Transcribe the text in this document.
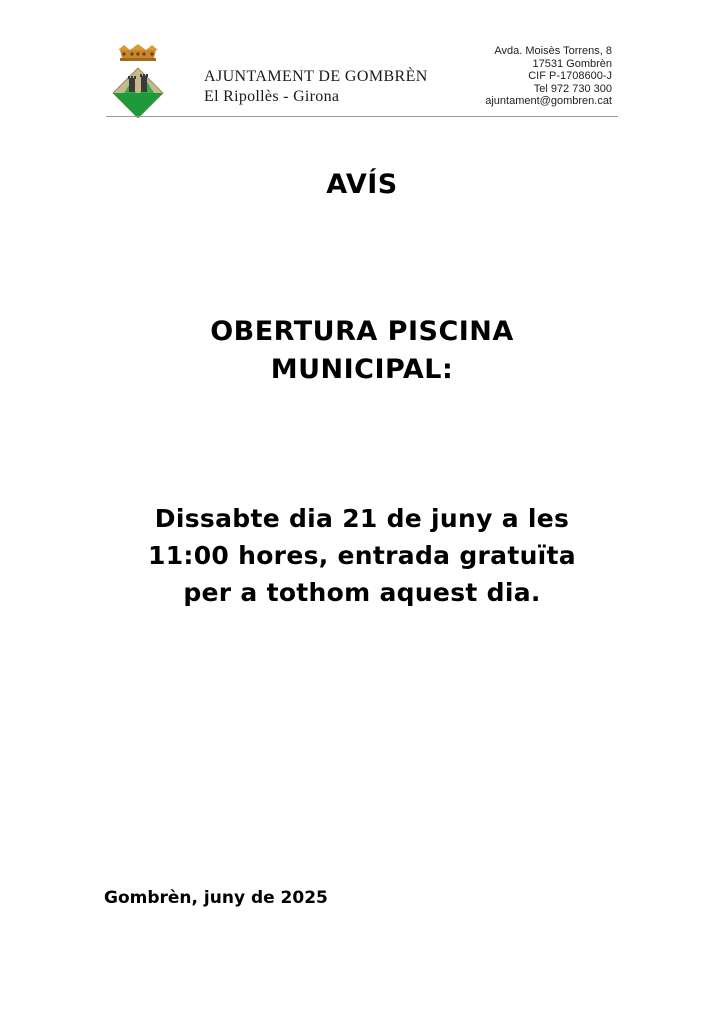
AJUNTAMENT DE GOMBRÈN
El Ripollès - Girona
Avda. Moisès Torrens, 8
17531 Gombrèn
CIF P-1708600-J
Tel 972 730 300
ajuntament@gombren.cat
AVÍS
OBERTURA PISCINA
MUNICIPAL:
Dissabte dia 21 de juny a les
11:00 hores, entrada gratuïta
per a tothom aquest dia.
Gombrèn, juny de 2025
